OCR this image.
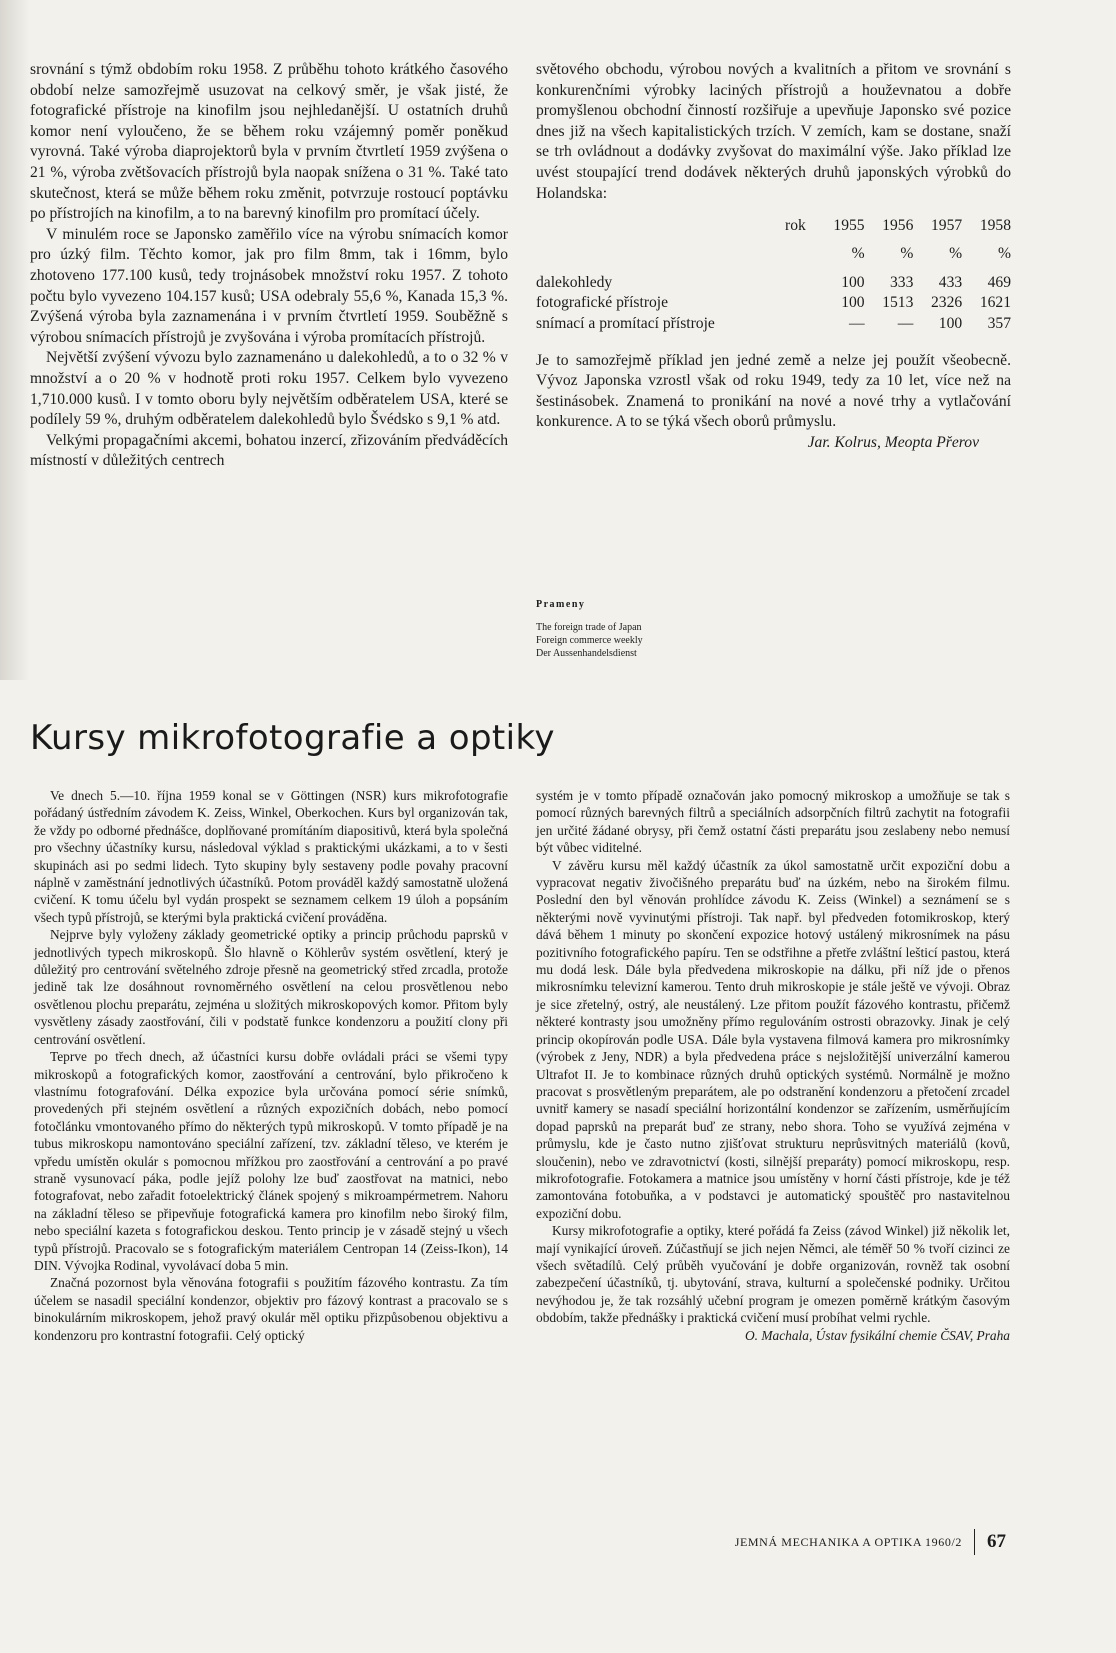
srovnání s týmž obdobím roku 1958. Z průběhu tohoto krátkého časového období nelze samozřejmě usuzovat na celkový směr, je však jisté, že fotografické přístroje na kinofilm jsou nejhledanější. U ostatních druhů komor není vyloučeno, že se během roku vzájemný poměr poněkud vyrovná. Také výroba diaprojektorů byla v prvním čtvrtletí 1959 zvýšena o 21 %, výroba zvětšovacích přístrojů byla naopak snížena o 31 %. Také tato skutečnost, která se může během roku změnit, potvrzuje rostoucí poptávku po přístrojích na kinofilm, a to na barevný kinofilm pro promítací účely.

V minulém roce se Japonsko zaměřilo více na výrobu snímacích komor pro úzký film. Těchto komor, jak pro film 8mm, tak i 16mm, bylo zhotoveno 177.100 kusů, tedy trojnásobek množství roku 1957. Z tohoto počtu bylo vyvezeno 104.157 kusů; USA odebraly 55,6 %, Kanada 15,3 %. Zvýšená výroba byla zaznamenána i v prvním čtvrtletí 1959. Souběžně s výrobou snímacích přístrojů je zvyšována i výroba promítacích přístrojů.

Největší zvýšení vývozu bylo zaznamenáno u dalekohledů, a to o 32 % v množství a o 20 % v hodnotě proti roku 1957. Celkem bylo vyvezeno 1,710.000 kusů. I v tomto oboru byly největším odběratelem USA, které se podílely 59 %, druhým odběratelem dalekohledů bylo Švédsko s 9,1 % atd.

Velkými propagačními akcemi, bohatou inzercí, zřizováním předváděcích místností v důležitých centrech

světového obchodu, výrobou nových a kvalitních a přitom ve srovnání s konkurenčními výrobky laciných přístrojů a houževnatou a dobře promyšlenou obchodní činností rozšiřuje a upevňuje Japonsko své pozice dnes již na všech kapitalistických trzích. V zemích, kam se dostane, snaží se trh ovládnout a dodávky zvyšovat do maximální výše. Jako příklad lze uvést stoupající trend dodávek některých druhů japonských výrobků do Holandska:

rok	1955	1956	1957	1958
	%	%	%	%
dalekohledy	100	333	433	469
fotografické přístroje	100	1513	2326	1621
snímací a promítací přístroje	—	—	100	357

Je to samozřejmě příklad jen jedné země a nelze jej použít všeobecně. Vývoz Japonska vzrostl však od roku 1949, tedy za 10 let, více než na šestinásobek. Znamená to pronikání na nové a nové trhy a vytlačování konkurence. A to se týká všech oborů průmyslu.

Jar. Kolrus, Meopta Přerov

Prameny
The foreign trade of Japan
Foreign commerce weekly
Der Aussenhandelsdienst
Kursy mikrofotografie a optiky

Ve dnech 5.—10. října 1959 konal se v Göttingen (NSR) kurs mikrofotografie pořádaný ústředním závodem K. Zeiss, Winkel, Oberkochen. Kurs byl organizován tak, že vždy po odborné přednášce, doplňované promítáním diapositivů, která byla společná pro všechny účastníky kursu, následoval výklad s praktickými ukázkami, a to v šesti skupinách asi po sedmi lidech. Tyto skupiny byly sestaveny podle povahy pracovní náplně v zaměstnání jednotlivých účastníků. Potom prováděl každý samostatně uložená cvičení. K tomu účelu byl vydán prospekt se seznamem celkem 19 úloh a popsáním všech typů přístrojů, se kterými byla praktická cvičení prováděna.

Nejprve byly vyloženy základy geometrické optiky a princip průchodu paprsků v jednotlivých typech mikroskopů. Šlo hlavně o Köhlerův systém osvětlení, který je důležitý pro centrování světelného zdroje přesně na geometrický střed zrcadla, protože jedině tak lze dosáhnout rovnoměrného osvětlení na celou prosvětlenou nebo osvětlenou plochu preparátu, zejména u složitých mikroskopových komor. Přitom byly vysvětleny zásady zaostřování, čili v podstatě funkce kondenzoru a použití clony při centrování osvětlení.

Teprve po třech dnech, až účastníci kursu dobře ovládali práci se všemi typy mikroskopů a fotografických komor, zaostřování a centrování, bylo přikročeno k vlastnímu fotografování. Délka expozice byla určována pomocí série snímků, provedených při stejném osvětlení a různých expozičních dobách, nebo pomocí fotočlánku vmontovaného přímo do některých typů mikroskopů. V tomto případě je na tubus mikroskopu namontováno speciální zařízení, tzv. základní těleso, ve kterém je vpředu umístěn okulár s pomocnou mřížkou pro zaostřování a centrování a po pravé straně vysunovací páka, podle jejíž polohy lze buď zaostřovat na matnici, nebo fotografovat, nebo zařadit fotoelektrický článek spojený s mikroampérmetrem. Nahoru na základní těleso se připevňuje fotografická kamera pro kinofilm nebo široký film, nebo speciální kazeta s fotografickou deskou. Tento princip je v zásadě stejný u všech typů přístrojů. Pracovalo se s fotografickým materiálem Centropan 14 (Zeiss-Ikon), 14 DIN. Vývojka Rodinal, vyvolávací doba 5 min.

Značná pozornost byla věnována fotografii s použitím fázového kontrastu. Za tím účelem se nasadil speciální kondenzor, objektiv pro fázový kontrast a pracovalo se s binokulárním mikroskopem, jehož pravý okulár měl optiku přizpůsobenou objektivu a kondenzoru pro kontrastní fotografii. Celý optický

systém je v tomto případě označován jako pomocný mikroskop a umožňuje se tak s pomocí různých barevných filtrů a speciálních adsorpčních filtrů zachytit na fotografii jen určité žádané obrysy, při čemž ostatní části preparátu jsou zeslabeny nebo nemusí být vůbec viditelné.

V závěru kursu měl každý účastník za úkol samostatně určit expoziční dobu a vypracovat negativ živočišného preparátu buď na úzkém, nebo na širokém filmu. Poslední den byl věnován prohlídce závodu K. Zeiss (Winkel) a seznámení se s některými nově vyvinutými přístroji. Tak např. byl předveden fotomikroskop, který dává během 1 minuty po skončení expozice hotový ustálený mikrosnímek na pásu pozitivního fotografického papíru. Ten se odstřihne a přetře zvláštní lešticí pastou, která mu dodá lesk. Dále byla předvedena mikroskopie na dálku, při níž jde o přenos mikrosnímku televizní kamerou. Tento druh mikroskopie je stále ještě ve vývoji. Obraz je sice zřetelný, ostrý, ale neustálený. Lze přitom použít fázového kontrastu, přičemž některé kontrasty jsou umožněny přímo regulováním ostrosti obrazovky. Jinak je celý princip okopírován podle USA. Dále byla vystavena filmová kamera pro mikrosnímky (výrobek z Jeny, NDR) a byla předvedena práce s nejsložitější univerzální kamerou Ultrafot II. Je to kombinace různých druhů optických systémů. Normálně je možno pracovat s prosvětleným preparátem, ale po odstranění kondenzoru a přetočení zrcadel uvnitř kamery se nasadí speciální horizontální kondenzor se zařízením, usměrňujícím dopad paprsků na preparát buď ze strany, nebo shora. Toho se využívá zejména v průmyslu, kde je často nutno zjišťovat strukturu neprůsvitných materiálů (kovů, sloučenin), nebo ve zdravotnictví (kosti, silnější preparáty) pomocí mikroskopu, resp. mikrofotografie. Fotokamera a matnice jsou umístěny v horní části přístroje, kde je též zamontována fotobuňka, a v podstavci je automatický spouštěč pro nastavitelnou expoziční dobu.

Kursy mikrofotografie a optiky, které pořádá fa Zeiss (závod Winkel) již několik let, mají vynikající úroveň. Zúčastňují se jich nejen Němci, ale téměř 50 % tvoří cizinci ze všech světadílů. Celý průběh vyučování je dobře organizován, rovněž tak osobní zabezpečení účastníků, tj. ubytování, strava, kulturní a společenské podniky. Určitou nevýhodou je, že tak rozsáhlý učební program je omezen poměrně krátkým časovým obdobím, takže přednášky i praktická cvičení musí probíhat velmi rychle.

O. Machala, Ústav fysikální chemie ČSAV, Praha

JEMNÁ MECHANIKA A OPTIKA 1960/2 67
